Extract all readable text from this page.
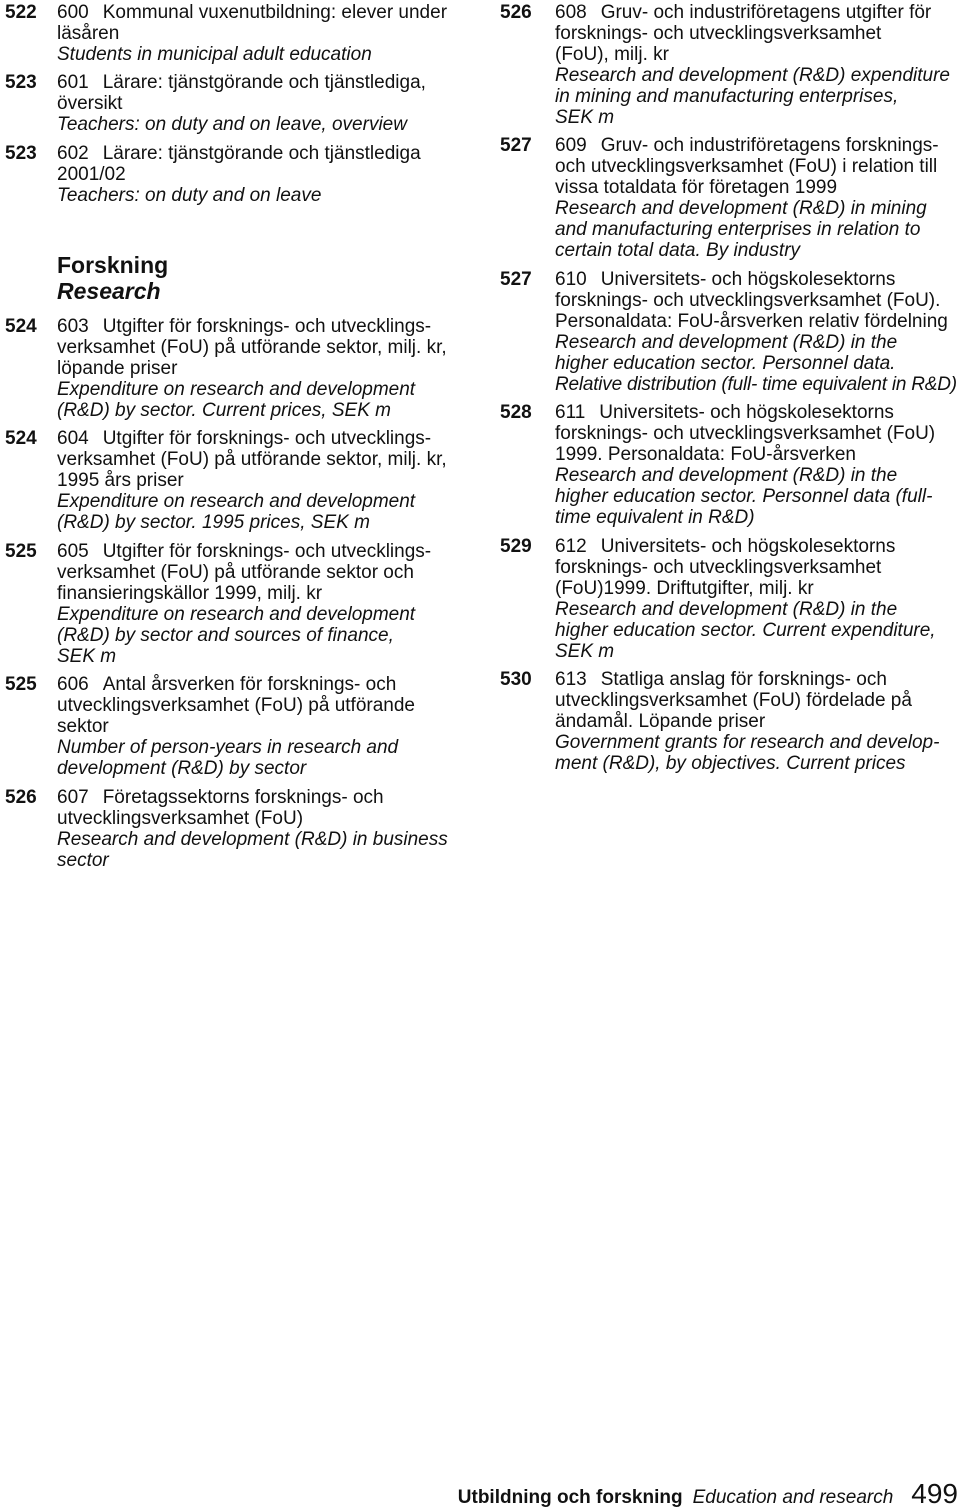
522	600 Kommunal vuxenutbildning: elever under
läsåren
Students in municipal adult education
523	601 Lärare: tjänstgörande och tjänstlediga,
översikt
Teachers: on duty and on leave, overview
523	602 Lärare: tjänstgörande och tjänstlediga
2001/02
Teachers: on duty and on leave
Forskning
Research
524	603 Utgifter för forsknings- och utvecklings-
verksamhet (FoU) på utförande sektor, milj. kr,
löpande priser
Expenditure on research and development
(R&D) by sector. Current prices, SEK m
524	604 Utgifter för forsknings- och utvecklings-
verksamhet (FoU) på utförande sektor, milj. kr,
1995 års priser
Expenditure on research and development
(R&D) by sector. 1995 prices, SEK m
525	605 Utgifter för forsknings- och utvecklings-
verksamhet (FoU) på utförande sektor och
finansieringskällor 1999, milj. kr
Expenditure on research and development
(R&D) by sector and sources of finance,
SEK m
525	606 Antal årsverken för forsknings- och
utvecklingsverksamhet (FoU) på utförande
sektor
Number of person-years in research and
development (R&D) by sector
526	607 Företagssektorns forsknings- och
utvecklingsverksamhet (FoU)
Research and development (R&D) in business
sector
526	608 Gruv- och industriföretagens utgifter för
forsknings- och utvecklingsverksamhet
(FoU), milj. kr
Research and development (R&D) expenditure
in mining and manufacturing enterprises,
SEK m
527	609 Gruv- och industriföretagens forsknings-
och utvecklingsverksamhet (FoU) i relation till
vissa totaldata för företagen 1999
Research and development (R&D) in mining
and manufacturing enterprises in relation to
certain total data. By industry
527	610 Universitets- och högskolesektorns
forsknings- och utvecklingsverksamhet (FoU).
Personaldata: FoU-årsverken relativ fördelning
Research and development (R&D) in the
higher education sector. Personnel data.
Relative distribution (full- time equivalent in R&D)
528	611 Universitets- och högskolesektorns
forsknings- och utvecklingsverksamhet (FoU)
1999. Personaldata: FoU-årsverken
Research and development (R&D) in the
higher education sector. Personnel data (full-
time equivalent in R&D)
529	612 Universitets- och högskolesektorns
forsknings- och utvecklingsverksamhet
(FoU)1999. Driftutgifter, milj. kr
Research and development (R&D) in the
higher education sector. Current expenditure,
SEK m
530	613 Statliga anslag för forsknings- och
utvecklingsverksamhet (FoU) fördelade på
ändamål. Löpande priser
Government grants for research and develop-
ment (R&D), by objectives. Current prices
Utbildning och forskning Education and research 499
